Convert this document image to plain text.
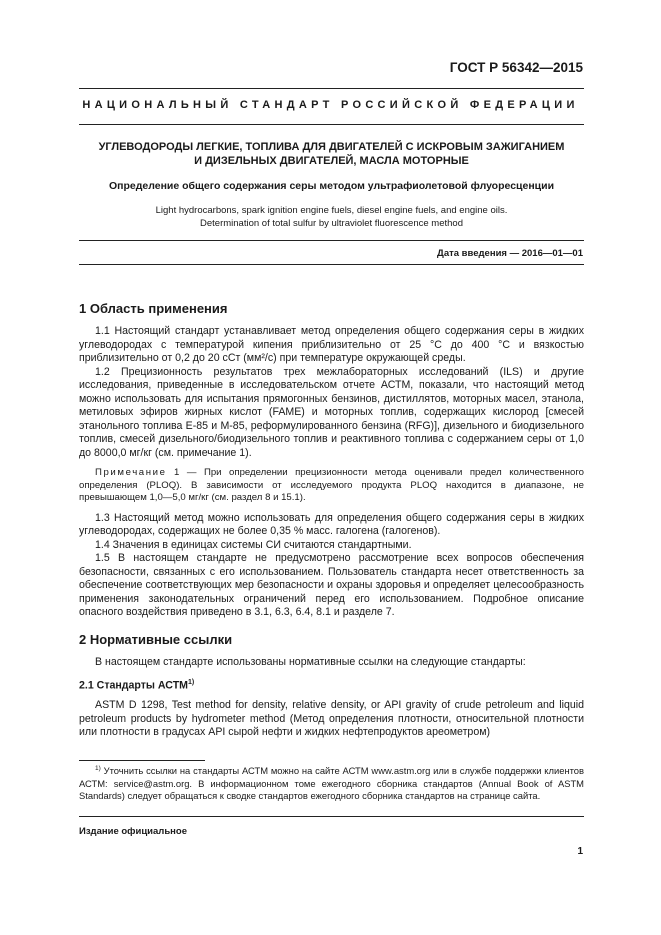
ГОСТ Р 56342—2015
НАЦИОНАЛЬНЫЙ СТАНДАРТ РОССИЙСКОЙ ФЕДЕРАЦИИ
УГЛЕВОДОРОДЫ ЛЕГКИЕ, ТОПЛИВА ДЛЯ ДВИГАТЕЛЕЙ С ИСКРОВЫМ ЗАЖИГАНИЕМ
И ДИЗЕЛЬНЫХ ДВИГАТЕЛЕЙ, МАСЛА МОТОРНЫЕ
Определение общего содержания серы методом ультрафиолетовой флуоресценции
Light hydrocarbons, spark ignition engine fuels, diesel engine fuels, and engine oils.
Determination of total sulfur by ultraviolet fluorescence method
Дата введения — 2016—01—01
1 Область применения

1.1 Настоящий стандарт устанавливает метод определения общего содержания серы в жидких углеводородах с температурой кипения приблизительно от 25 °С до 400 °С и вязкостью приблизительно от 0,2 до 20 сСт (мм²/с) при температуре окружающей среды.

1.2 Прецизионность результатов трех межлабораторных исследований (ILS) и другие исследования, приведенные в исследовательском отчете АСТМ, показали, что настоящий метод можно использовать для испытания прямогонных бензинов, дистиллятов, моторных масел, этанола, метиловых эфиров жирных кислот (FAME) и моторных топлив, содержащих кислород [смесей этанольного топлива Е-85 и М-85, реформулированного бензина (RFG)], дизельного и биодизельного топлив, смесей дизельного/биодизельного топлив и реактивного топлива с содержанием серы от 1,0 до 8000,0 мг/кг (см. примечание 1).

Примечание 1 — При определении прецизионности метода оценивали предел количественного определения (PLOQ). В зависимости от исследуемого продукта PLOQ находится в диапазоне, не превышающем 1,0—5,0 мг/кг (см. раздел 8 и 15.1).

1.3 Настоящий метод можно использовать для определения общего содержания серы в жидких углеводородах, содержащих не более 0,35 % масс. галогена (галогенов).

1.4 Значения в единицах системы СИ считаются стандартными.

1.5 В настоящем стандарте не предусмотрено рассмотрение всех вопросов обеспечения безопасности, связанных с его использованием. Пользователь стандарта несет ответственность за обеспечение соответствующих мер безопасности и охраны здоровья и определяет целесообразность применения законодательных ограничений перед его использованием. Подробное описание опасного воздействия приведено в 3.1, 6.3, 6.4, 8.1 и разделе 7.

2 Нормативные ссылки

В настоящем стандарте использованы нормативные ссылки на следующие стандарты:

2.1 Стандарты АСТМ$^{1)}$

ASTM D 1298, Test method for density, relative density, or API gravity of crude petroleum and liquid petroleum products by hydrometer method (Метод определения плотности, относительной плотности или плотности в градусах API сырой нефти и жидких нефтепродуктов ареометром)

$^{1)}$ Уточнить ссылки на стандарты АСТМ можно на сайте АСТМ www.astm.org или в службе поддержки клиентов АСТМ: service@astm.org. В информационном томе ежегодного сборника стандартов (Annual Book of ASTM Standards) следует обращаться к сводке стандартов ежегодного сборника стандартов на странице сайта.

Издание официальное
1
